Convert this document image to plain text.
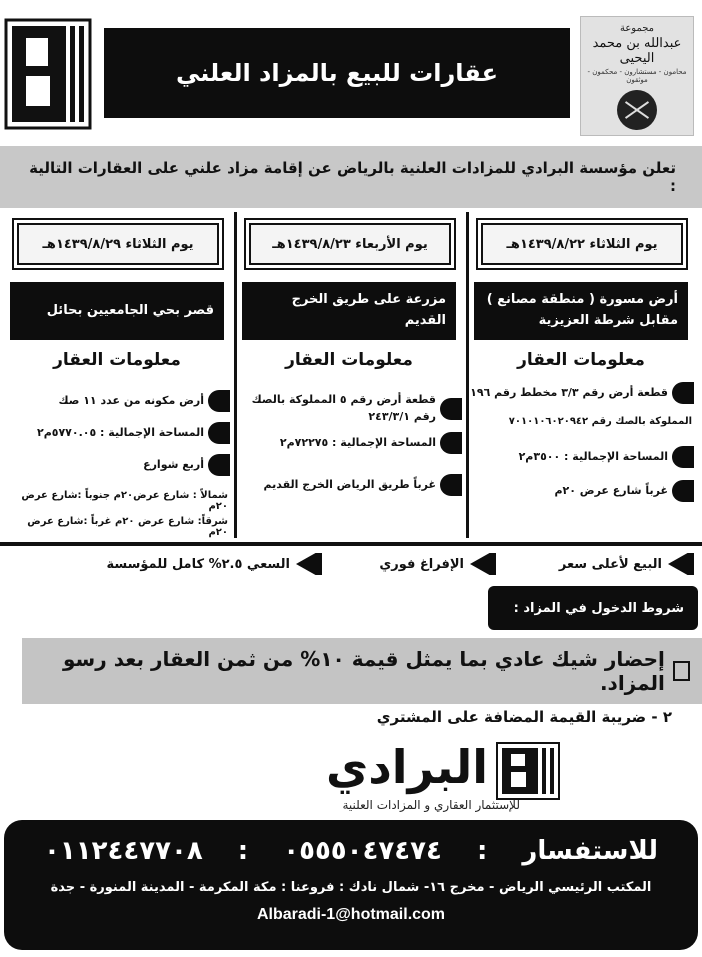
عقارات للبيع بالمزاد العلني
مجموعة
عبدالله بن محمد اليحيى
محامون - مستشارون - محكمون - موثقون
تعلن مؤسسة البرادي للمزادات العلنية بالرياض عن إقامة مزاد علني على العقارات التالية :
يوم الثلاثاء ١٤٣٩/٨/٢٢هـ
أرض مسورة ( منطقة مصانع )
مقابل شرطة العزيزية
معلومات العقار
قطعة أرض رقم ٣/٣ مخطط رقم ١٩٦
المملوكة بالصك رقم ٧٠١٠١٠٦٠٢٠٩٤٢
المساحة الإجمالية : ٣٥٠٠م٢
غرباً شارع عرض ٢٠م
يوم الأربعاء ١٤٣٩/٨/٢٣هـ
مزرعة على طريق الخرج القديم
معلومات العقار
قطعة أرض رقم ٥ المملوكة بالصك رقم ٢٤٣/٣/١
المساحة الإجمالية : ٧٢٢٧٥م٢
غرباً طريق الرياض الخرج القديم
يوم الثلاثاء ١٤٣٩/٨/٢٩هـ
قصر بحي الجامعيين بحائل
معلومات العقار
أرض مكونه من عدد ١١ صك
المساحة الإجمالية : ٥٧٧٠.٠٥م٢
أربع شوارع
شمالاً : شارع عرض٢٠م جنوباً :شارع عرض ٢٠م
شرقاً: شارع عرض ٢٠م غرباً :شارع عرض ٢٠م
البيع لأعلى سعر
الإفراغ فوري
السعي ٢.٥% كامل للمؤسسة
شروط الدخول في المزاد :
إحضار شيك عادي بما يمثل قيمة ١٠% من ثمن العقار بعد رسو المزاد.
٢ - ضريبة القيمة المضافة على المشتري
البرادي
للإستثمار العقاري و المزادات العلنية
٠١١٢٤٤٧٧٠٨ : ٠٥٥٥٠٤٧٤٧٤ : للاستفسار
المكتب الرئيسي الرياض - مخرج ١٦- شمال نادك : فروعنا : مكة المكرمة - المدينة المنورة - جدة
Albaradi-1@hotmail.com
